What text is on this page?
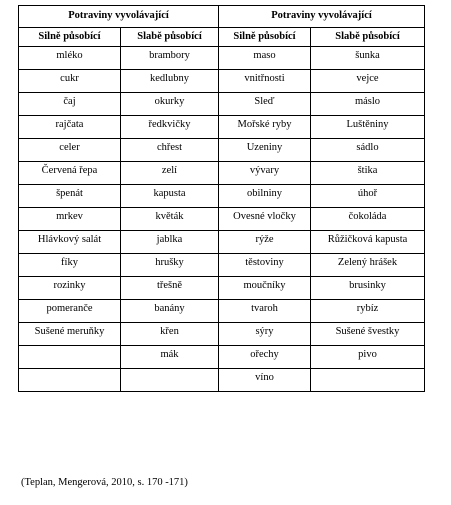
Potraviny vyvolávající		Potraviny vyvolávající	
Silně působící	Slabě působící	Silně působící	Slabě působící
mléko	brambory	maso	šunka
cukr	kedlubny	vnitřnosti	vejce
čaj	okurky	Sleď	máslo
rajčata	ředkvičky	Mořské ryby	Luštěniny
celer	chřest	Uzeniny	sádlo
Červená řepa	zelí	vývary	štika
špenát	kapusta	obilniny	úhoř
mrkev	květák	Ovesné vločky	čokoláda
Hlávkový salát	jablka	rýže	Růžičková kapusta
fíky	hrušky	těstoviny	Zelený hrášek
rozinky	třešně	moučníky	brusinky
pomeranče	banány	tvaroh	rybíz
Sušené meruňky	křen	sýry	Sušené švestky
	mák	ořechy	pivo
		víno	
(Teplan, Mengerová, 2010, s. 170 -171)
